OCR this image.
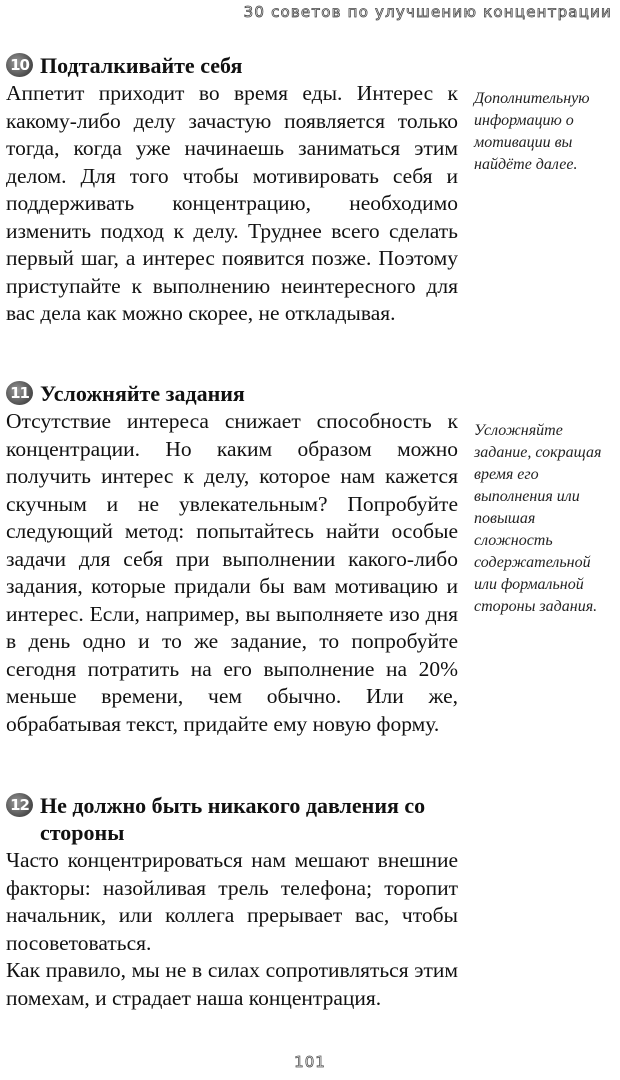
30 советов по улучшению концентрации
10 Подталкивайте себя

Аппетит приходит во время еды. Интерес к какому-либо делу зачастую появляется только тогда, когда уже начинаешь заниматься этим делом. Для того чтобы мотивировать себя и поддерживать концентрацию, необходимо изменить подход к делу. Труднее всего сделать первый шаг, а интерес появится позже. Поэтому приступайте к выполнению неинтересного для вас дела как можно скорее, не откладывая.

Дополнительную информацию о мотивации вы найдёте далее.
11 Усложняйте задания

Отсутствие интереса снижает способность к концентрации. Но каким образом можно получить интерес к делу, которое нам кажется скучным и не увлекательным? Попробуйте следующий метод: попытайтесь найти особые задачи для себя при выполнении какого-либо задания, которые придали бы вам мотивацию и интерес. Если, например, вы выполняете изо дня в день одно и то же задание, то попробуйте сегодня потратить на его выполнение на 20% меньше времени, чем обычно. Или же, обрабатывая текст, придайте ему новую форму.

Усложняйте задание, сокращая время его выполнения или повышая сложность содержательной или формальной стороны задания.
12 Не должно быть никакого давления со стороны

Часто концентрироваться нам мешают внешние факторы: назойливая трель телефона; торопит начальник, или коллега прерывает вас, чтобы посоветоваться.

Как правило, мы не в силах сопротивляться этим помехам, и страдает наша концентрация.

101
